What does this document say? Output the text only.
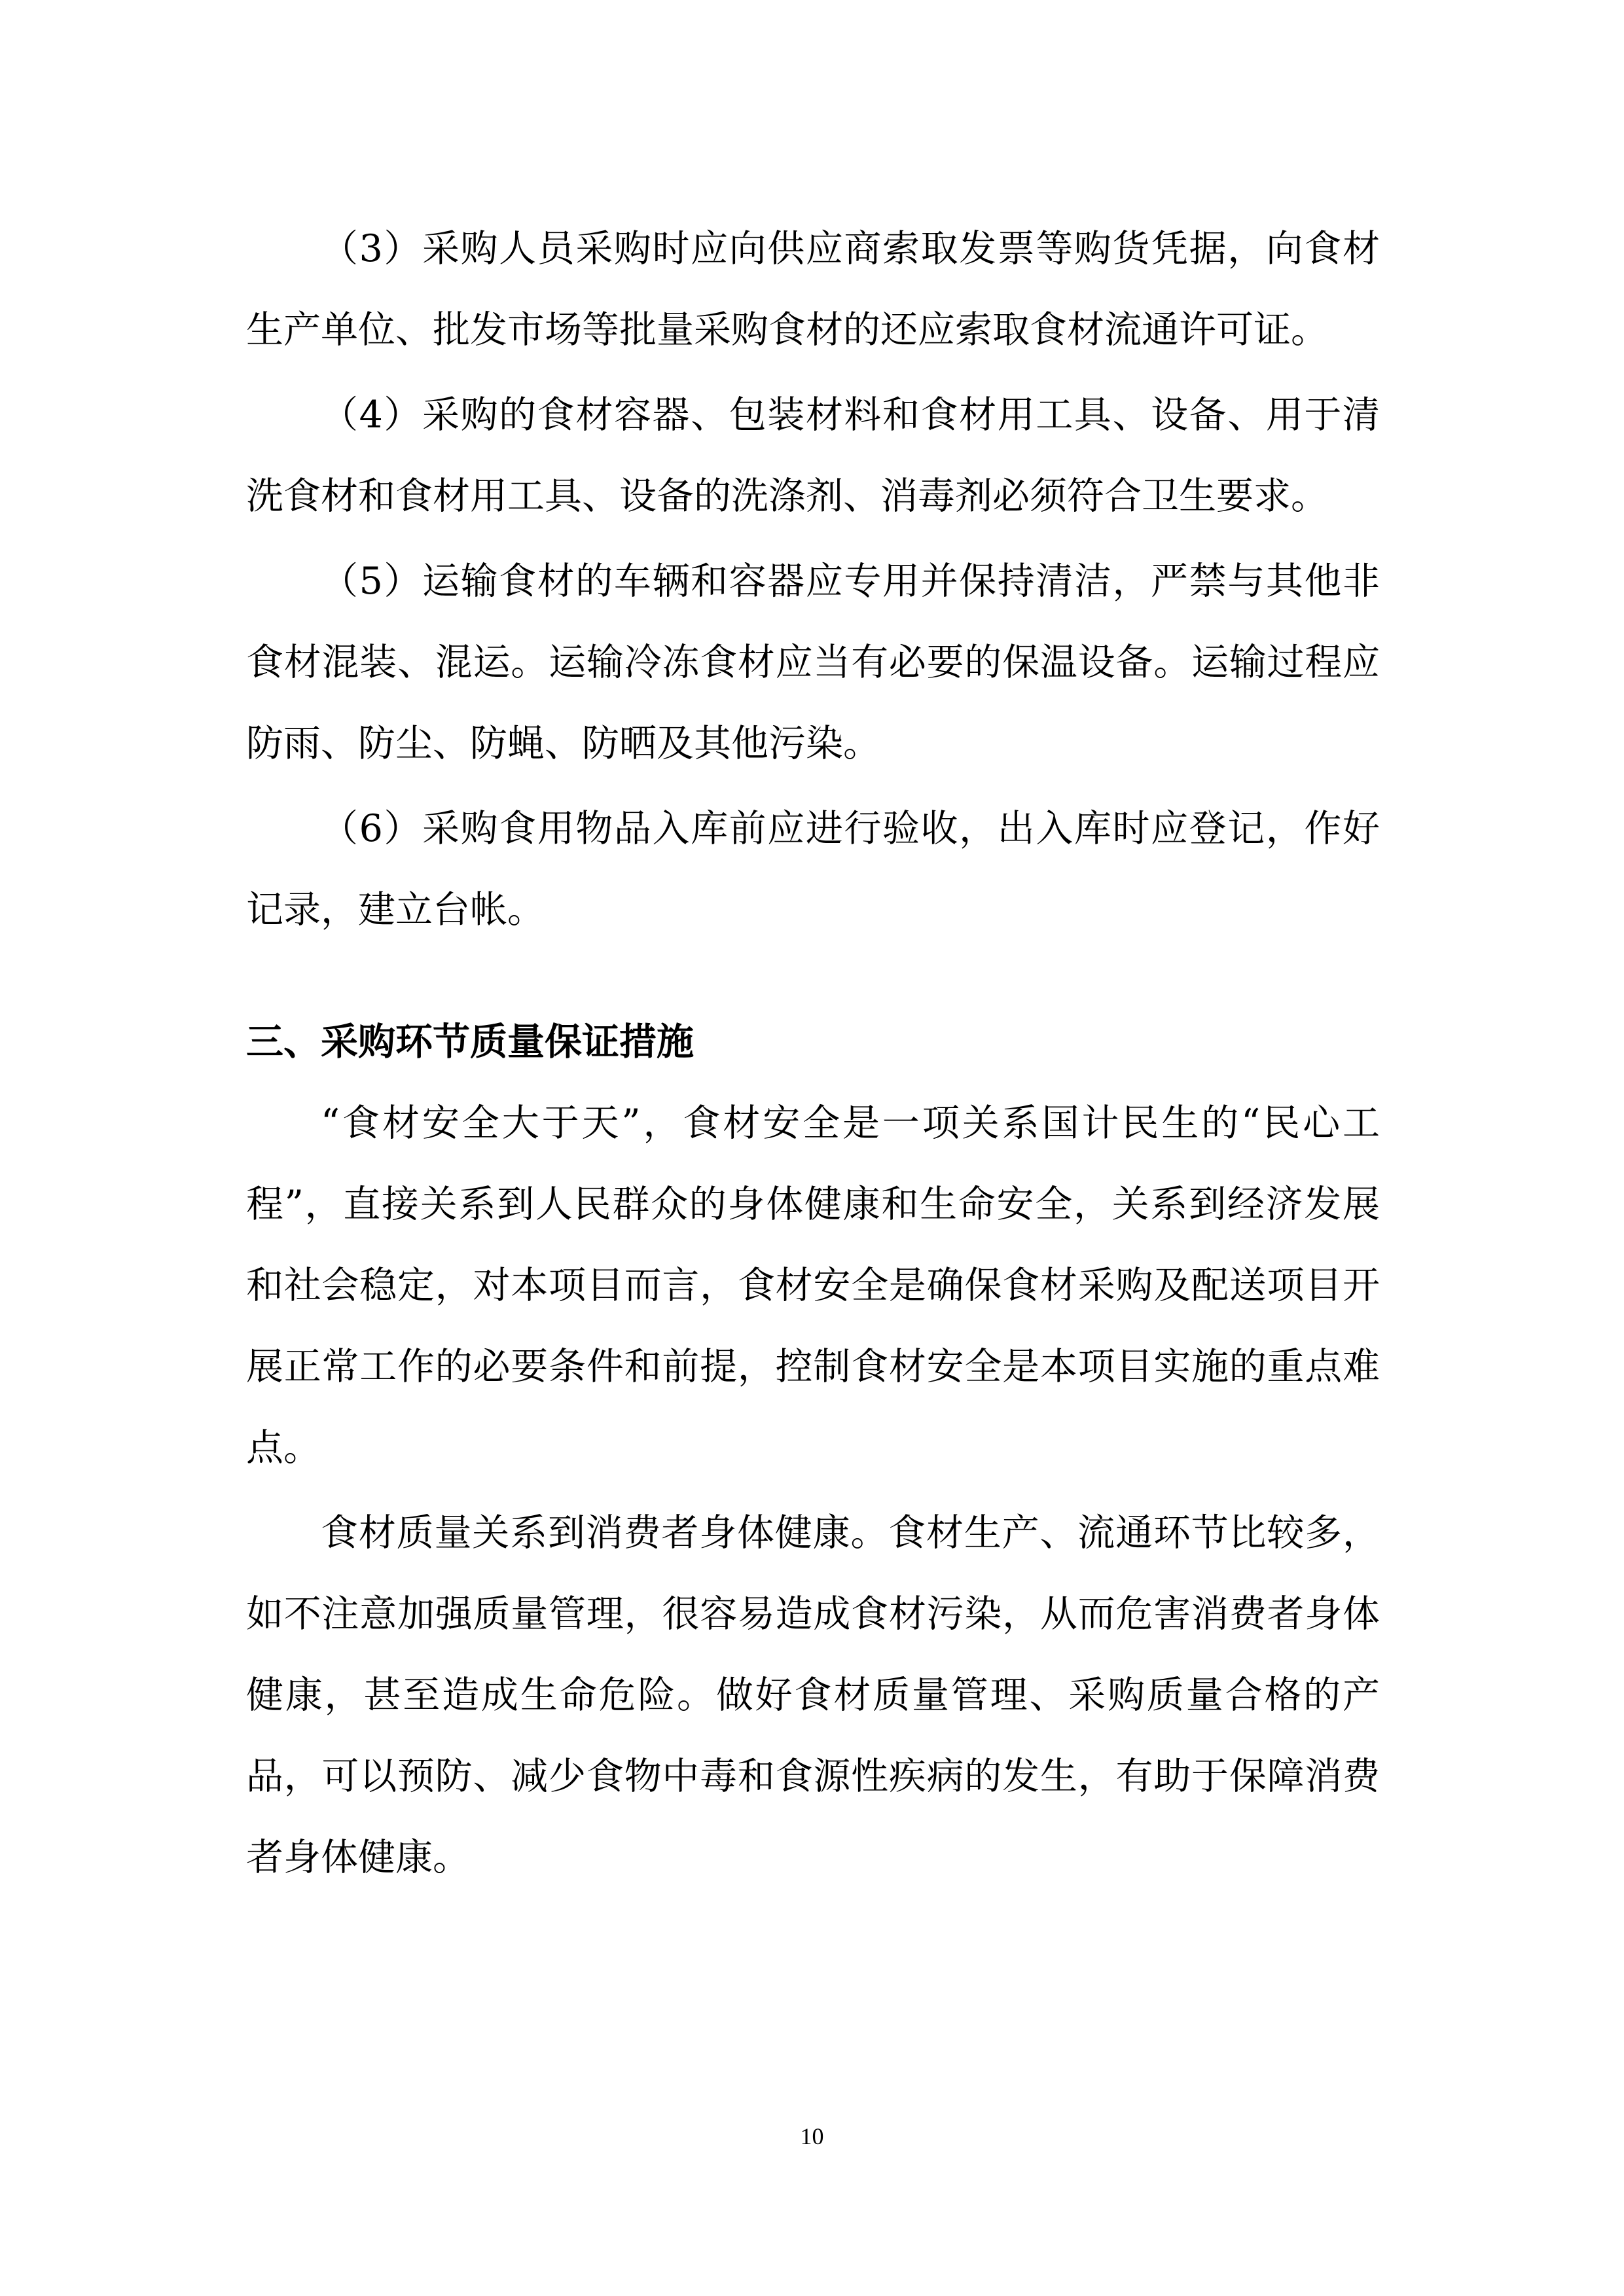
（3）采购人员采购时应向供应商索取发票等购货凭据，向食材生产单位、批发市场等批量采购食材的还应索取食材流通许可证。

（4）采购的食材容器、包装材料和食材用工具、设备、用于清洗食材和食材用工具、设备的洗涤剂、消毒剂必须符合卫生要求。

（5）运输食材的车辆和容器应专用并保持清洁，严禁与其他非食材混装、混运。运输冷冻食材应当有必要的保温设备。运输过程应防雨、防尘、防蝇、防晒及其他污染。

（6）采购食用物品入库前应进行验收，出入库时应登记，作好记录，建立台帐。

三、采购环节质量保证措施

“食材安全大于天”，食材安全是一项关系国计民生的“民心工程”，直接关系到人民群众的身体健康和生命安全，关系到经济发展和社会稳定，对本项目而言，食材安全是确保食材采购及配送项目开展正常工作的必要条件和前提，控制食材安全是本项目实施的重点难点。

食材质量关系到消费者身体健康。食材生产、流通环节比较多，如不注意加强质量管理，很容易造成食材污染，从而危害消费者身体健康，甚至造成生命危险。做好食材质量管理、采购质量合格的产品，可以预防、减少食物中毒和食源性疾病的发生，有助于保障消费者身体健康。

10
